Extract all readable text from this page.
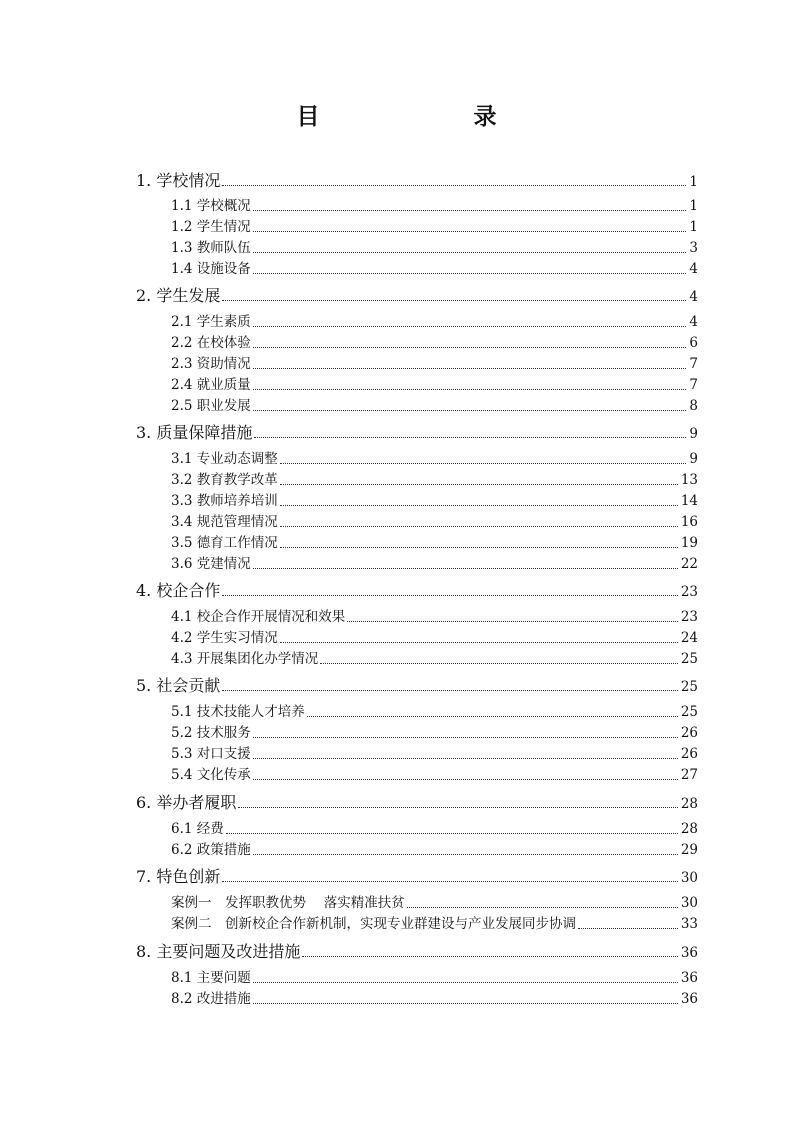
目　　录
1. 学校情况	1
1.1 学校概况	1
1.2 学生情况	1
1.3 教师队伍	3
1.4 设施设备	4
2. 学生发展	4
2.1 学生素质	4
2.2 在校体验	6
2.3 资助情况	7
2.4 就业质量	7
2.5 职业发展	8
3. 质量保障措施	9
3.1 专业动态调整	9
3.2 教育教学改革	13
3.3 教师培养培训	14
3.4 规范管理情况	16
3.5 德育工作情况	19
3.6 党建情况	22
4. 校企合作	23
4.1 校企合作开展情况和效果	23
4.2 学生实习情况	24
4.3 开展集团化办学情况	25
5. 社会贡献	25
5.1 技术技能人才培养	25
5.2 技术服务	26
5.3 对口支援	26
5.4 文化传承	27
6. 举办者履职	28
6.1 经费	28
6.2 政策措施	29
7. 特色创新	30
案例一　发挥职教优势　 落实精准扶贫	30
案例二　创新校企合作新机制，实现专业群建设与产业发展同步协调	33
8. 主要问题及改进措施	36
8.1 主要问题	36
8.2 改进措施	36
